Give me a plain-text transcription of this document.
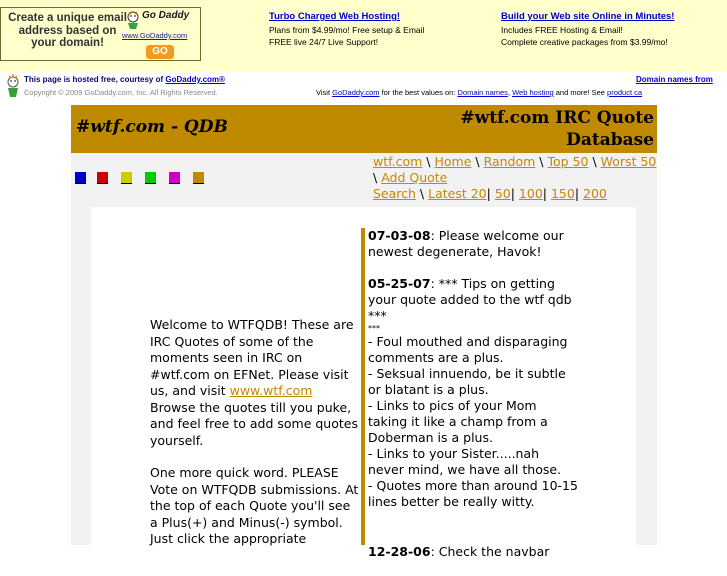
Create a unique email address based on your domain!
Go Daddy
www.GoDaddy.com
GO
Turbo Charged Web Hosting!
Plans from $4.99/mo! Free setup & Email
FREE live 24/7 Live Support!
Build your Web site Online in Minutes!
Includes FREE Hosting & Email!
Complete creative packages from $3.99/mo!
This page is hosted free, courtesy of GoDaddy.com®
Copyright © 2009 GoDaddy.com, Inc. All Rights Reserved.
Domain names from
Visit GoDaddy.com for the best values on: Domain names, Web hosting and more! See product ca
#wtf.com - QDB	#wtf.com IRC Quote
Database
wtf.com \ Home \ Random \ Top 50 \ Worst 50 \ Add Quote
Search \ Latest 20| 50| 100| 150| 200
Welcome to WTFQDB! These are IRC Quotes of some of the moments seen in IRC on #wtf.com on EFNet. Please visit us, and visit www.wtf.com Browse the quotes till you puke, and feel free to add some quotes yourself.
One more quick word. PLEASE Vote on WTFQDB submissions. At the top of each Quote you'll see a Plus(+) and Minus(-) symbol. Just click the appropriate

07-03-08: Please welcome our newest degenerate, Havok!

05-25-07: *** Tips on getting your quote added to the wtf qdb ***
***
- Foul mouthed and disparaging comments are a plus.
- Seksual innuendo, be it subtle or blatant is a plus.
- Links to pics of your Mom taking it like a champ from a Doberman is a plus.
- Links to your Sister.....nah never mind, we have all those.
- Quotes more than around 10-15 lines better be really witty.

12-28-06: Check the navbar
